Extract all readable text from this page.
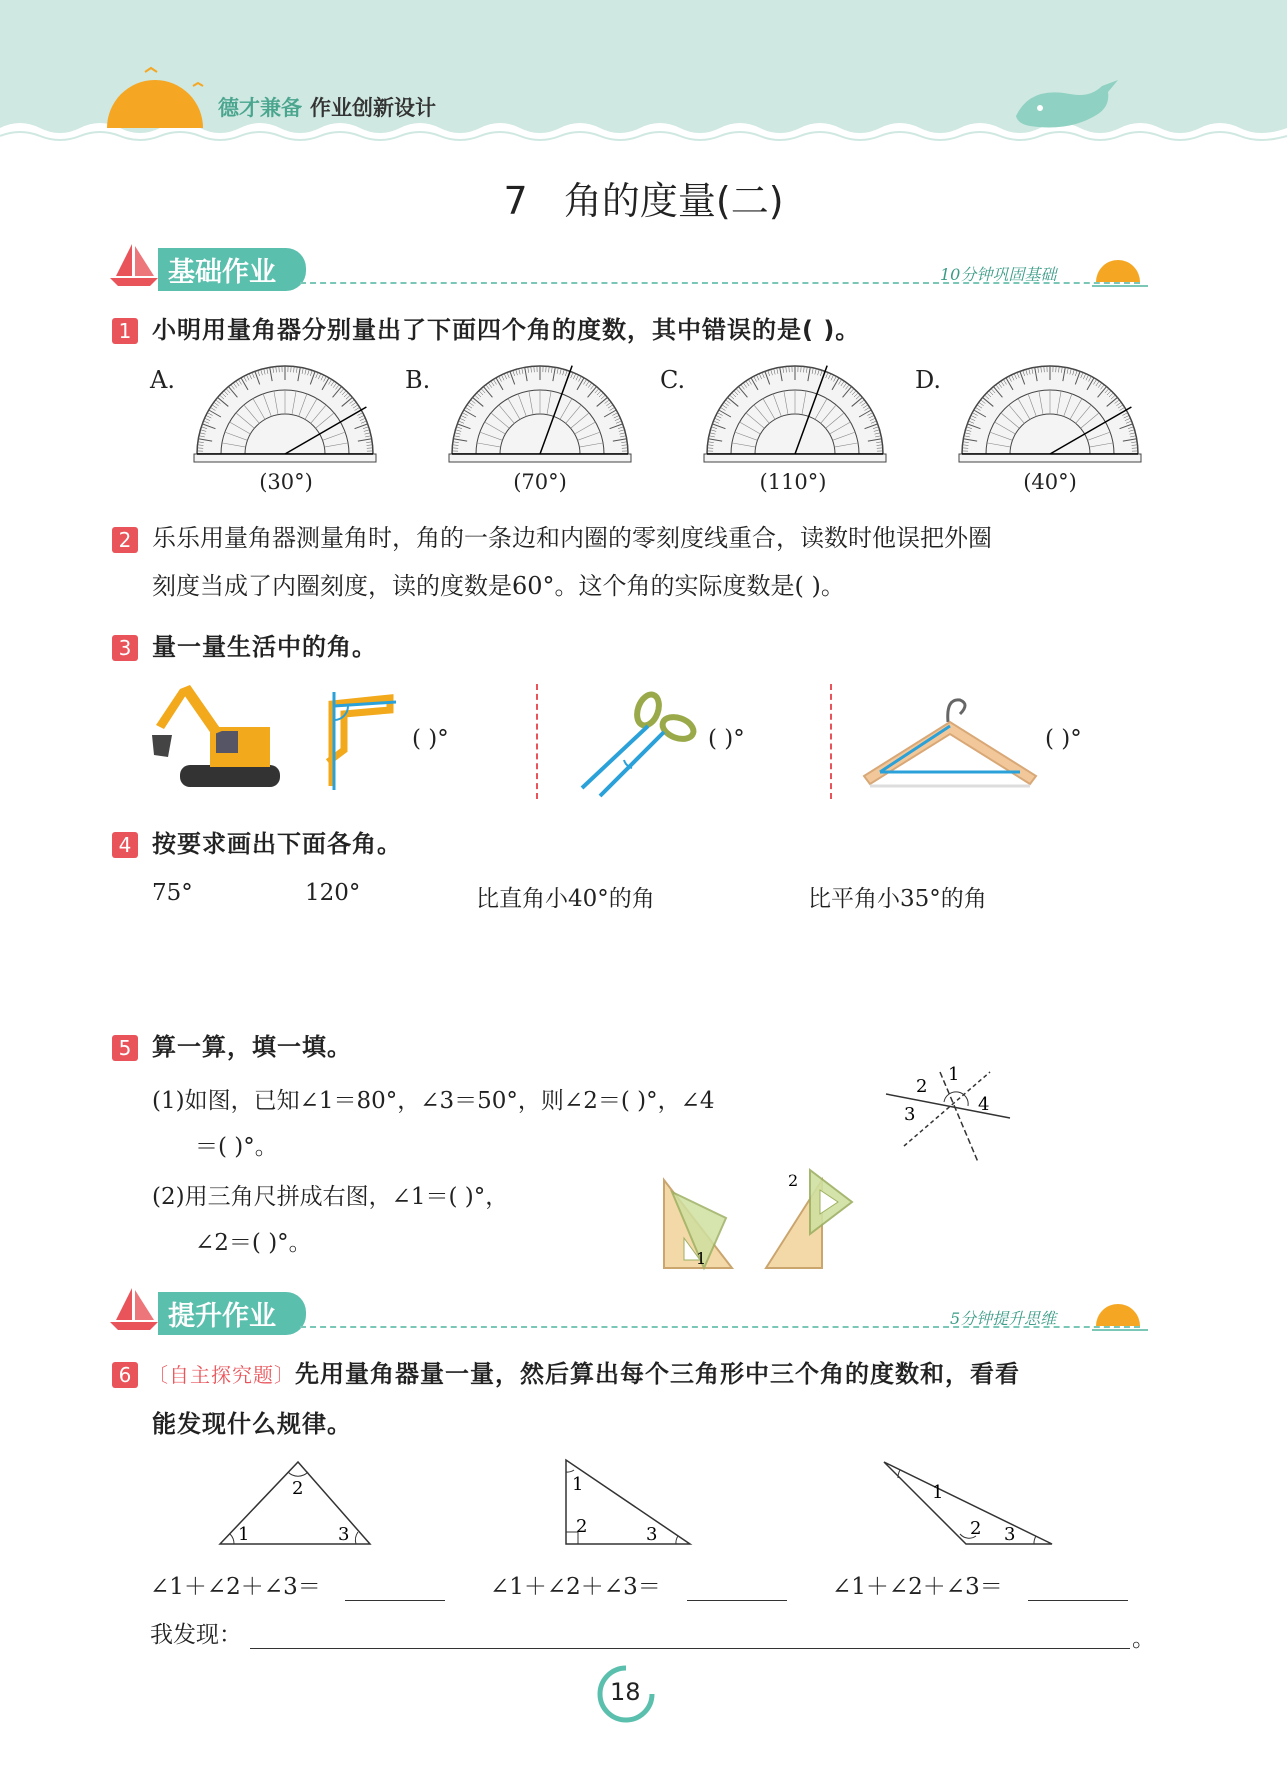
德才兼备 作业创新设计
7   角的度量(二)
基础作业	10分钟巩固基础
1 小明用量角器分别量出了下面四个角的度数，其中错误的是( )。
A.	B.	C.	D.
(30°)	(70°)	(110°)	(40°)
2 乐乐用量角器测量角时，角的一条边和内圈的零刻度线重合，读数时他误把外圈
刻度当成了内圈刻度，读的度数是60°。这个角的实际度数是( )。
3 量一量生活中的角。
( )°	( )°	( )°
4 按要求画出下面各角。
75°	120°	比直角小40°的角	比平角小35°的角
5 算一算，填一填。
(1)如图，已知∠1＝80°，∠3＝50°，则∠2＝( )°，∠4
＝( )°。
(2)用三角尺拼成右图，∠1＝( )°，
∠2＝( )°。
2
1
4
3
1
2
提升作业	5分钟提升思维
6 〔自主探究题〕先用量角器量一量，然后算出每个三角形中三个角的度数和，看看
能发现什么规律。
1
2
3
1
2	3
1
2 3
∠1＋∠2＋∠3＝	∠1＋∠2＋∠3＝	∠1＋∠2＋∠3＝
我发现：	。
18
